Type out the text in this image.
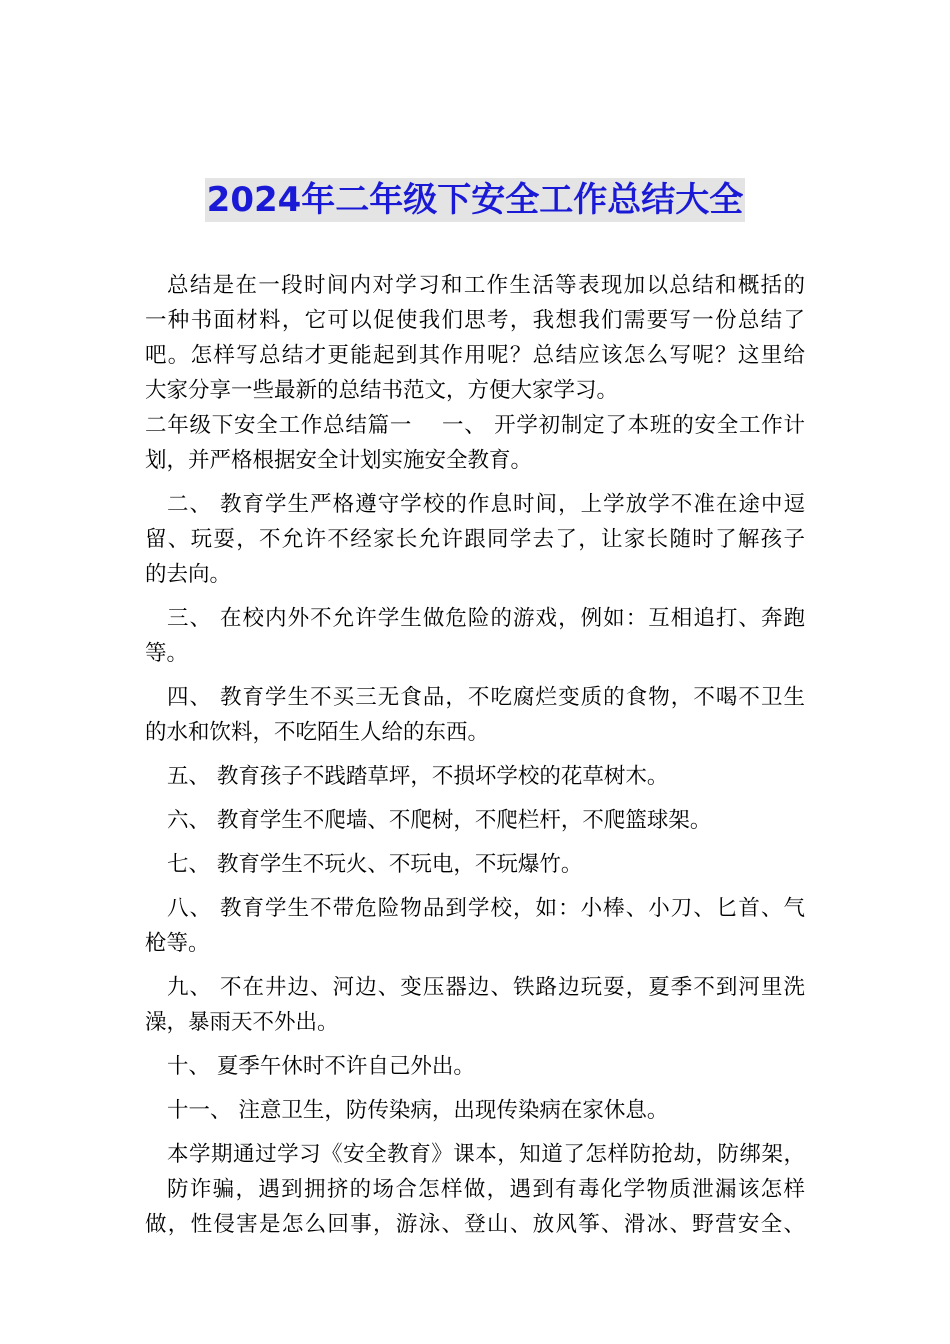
2024年二年级下安全工作总结大全
总结是在一段时间内对学习和工作生活等表现加以总结和概括的
一种书面材料，它可以促使我们思考，我想我们需要写一份总结了
吧。怎样写总结才更能起到其作用呢？总结应该怎么写呢？这里给
大家分享一些最新的总结书范文，方便大家学习。
二年级下安全工作总结篇一　 一、 开学初制定了本班的安全工作计
划，并严格根据安全计划实施安全教育。
二、 教育学生严格遵守学校的作息时间，上学放学不准在途中逗
留、玩耍，不允许不经家长允许跟同学去了，让家长随时了解孩子
的去向。
三、 在校内外不允许学生做危险的游戏，例如：互相追打、奔跑
等。
四、 教育学生不买三无食品，不吃腐烂变质的食物，不喝不卫生
的水和饮料，不吃陌生人给的东西。
五、 教育孩子不践踏草坪，不损坏学校的花草树木。
六、 教育学生不爬墙、不爬树，不爬栏杆，不爬篮球架。
七、 教育学生不玩火、不玩电，不玩爆竹。
八、 教育学生不带危险物品到学校，如：小棒、小刀、匕首、气
枪等。
九、 不在井边、河边、变压器边、铁路边玩耍，夏季不到河里洗
澡，暴雨天不外出。
十、 夏季午休时不许自己外出。
十一、 注意卫生，防传染病，出现传染病在家休息。
本学期通过学习《安全教育》课本，知道了怎样防抢劫，防绑架，
防诈骗，遇到拥挤的场合怎样做，遇到有毒化学物质泄漏该怎样
做，性侵害是怎么回事，游泳、登山、放风筝、滑冰、野营安全、
